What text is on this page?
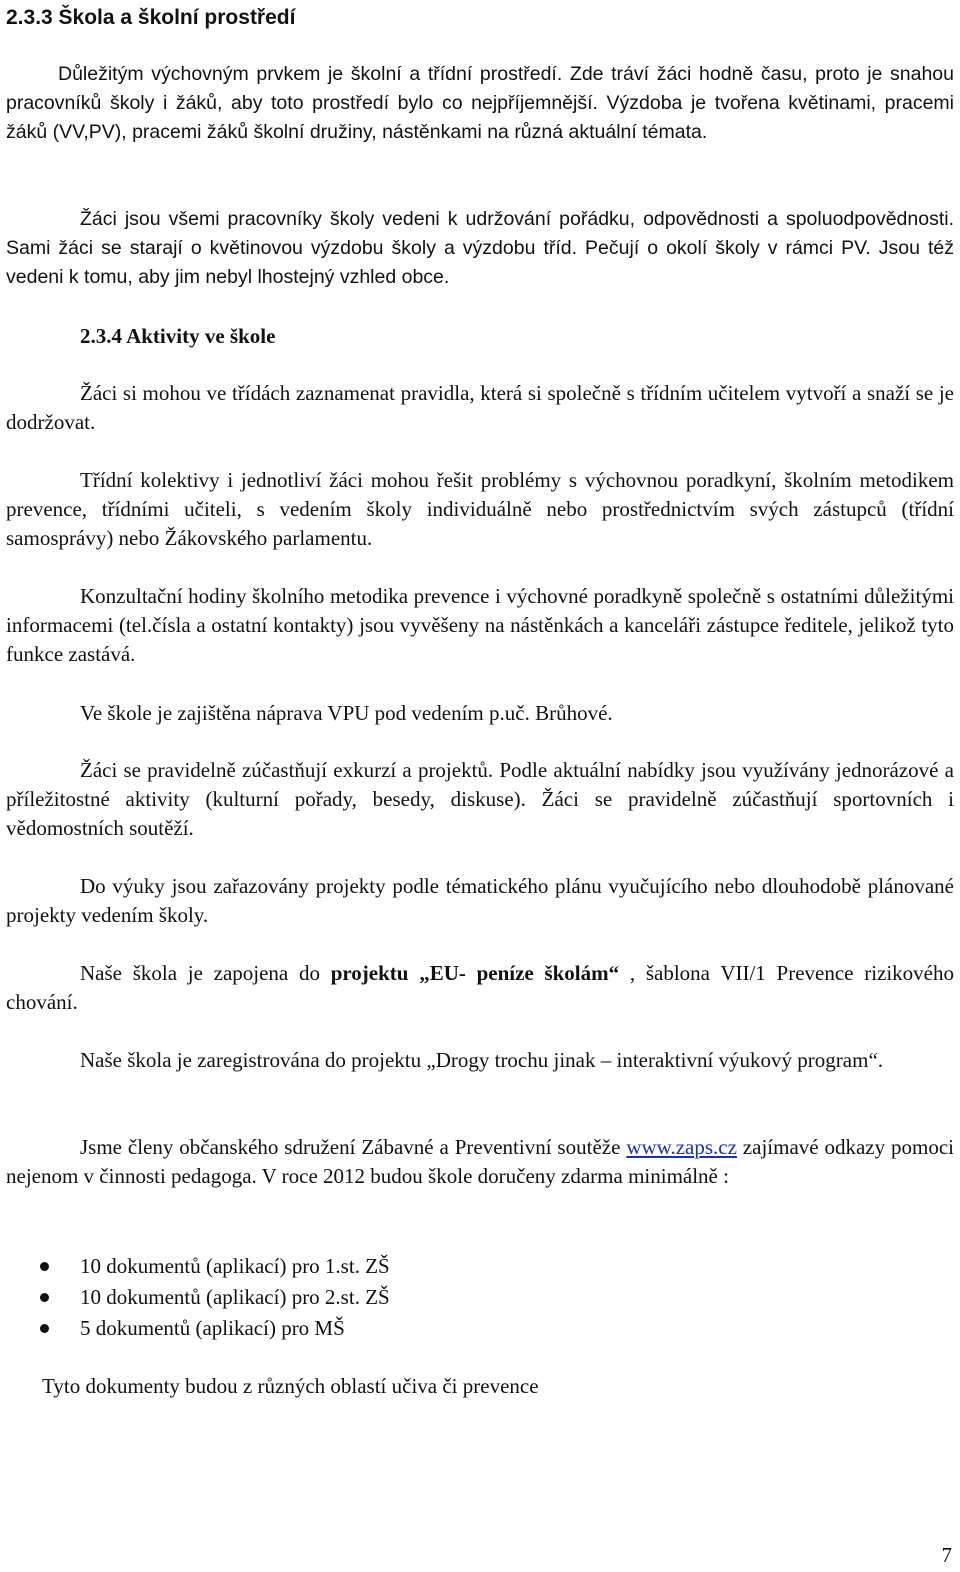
2.3.3 Škola a školní prostředí

Důležitým výchovným prvkem je školní a třídní prostředí. Zde tráví žáci hodně času, proto je snahou pracovníků školy i žáků, aby toto prostředí bylo co nejpříjemnější. Výzdoba je tvořena květinami, pracemi žáků (VV,PV), pracemi žáků školní družiny, nástěnkami na různá aktuální témata.

Žáci jsou všemi pracovníky školy vedeni k udržování pořádku, odpovědnosti a spoluodpovědnosti. Sami žáci se starají o květinovou výzdobu školy a výzdobu tříd. Pečují o okolí školy v rámci PV. Jsou též vedeni k tomu, aby jim nebyl lhostejný vzhled obce.

2.3.4 Aktivity ve škole

Žáci si mohou ve třídách zaznamenat pravidla, která si společně s třídním učitelem vytvoří a snaží se je dodržovat.

Třídní kolektivy i jednotliví žáci mohou řešit problémy s výchovnou poradkyní, školním metodikem prevence, třídními učiteli, s vedením školy individuálně nebo prostřednictvím svých zástupců (třídní samosprávy) nebo Žákovského parlamentu.

Konzultační hodiny školního metodika prevence i výchovné poradkyně společně s ostatními důležitými informacemi (tel.čísla a ostatní kontakty) jsou vyvěšeny na nástěnkách a kanceláři zástupce ředitele, jelikož tyto funkce zastává.

Ve škole je zajištěna náprava VPU pod vedením p.uč. Brůhové.

Žáci se pravidelně zúčastňují exkurzí a projektů. Podle aktuální nabídky jsou využívány jednorázové a příležitostné aktivity (kulturní pořady, besedy, diskuse). Žáci se pravidelně zúčastňují sportovních i vědomostních soutěží.

Do výuky jsou zařazovány projekty podle tématického plánu vyučujícího nebo dlouhodobě plánované projekty vedením školy.

Naše škola je zapojena do projektu „EU- peníze školám“ , šablona VII/1 Prevence rizikového chování.

Naše škola je zaregistrována do projektu „Drogy trochu jinak – interaktivní výukový program“.

Jsme členy občanského sdružení Zábavné a Preventivní soutěže www.zaps.cz zajímavé odkazy pomoci nejenom v činnosti pedagoga. V roce 2012 budou škole doručeny zdarma minimálně :

10 dokumentů (aplikací) pro 1.st. ZŠ
10 dokumentů (aplikací) pro 2.st. ZŠ
5 dokumentů (aplikací) pro MŠ

Tyto dokumenty budou z různých oblastí učiva či prevence

7
